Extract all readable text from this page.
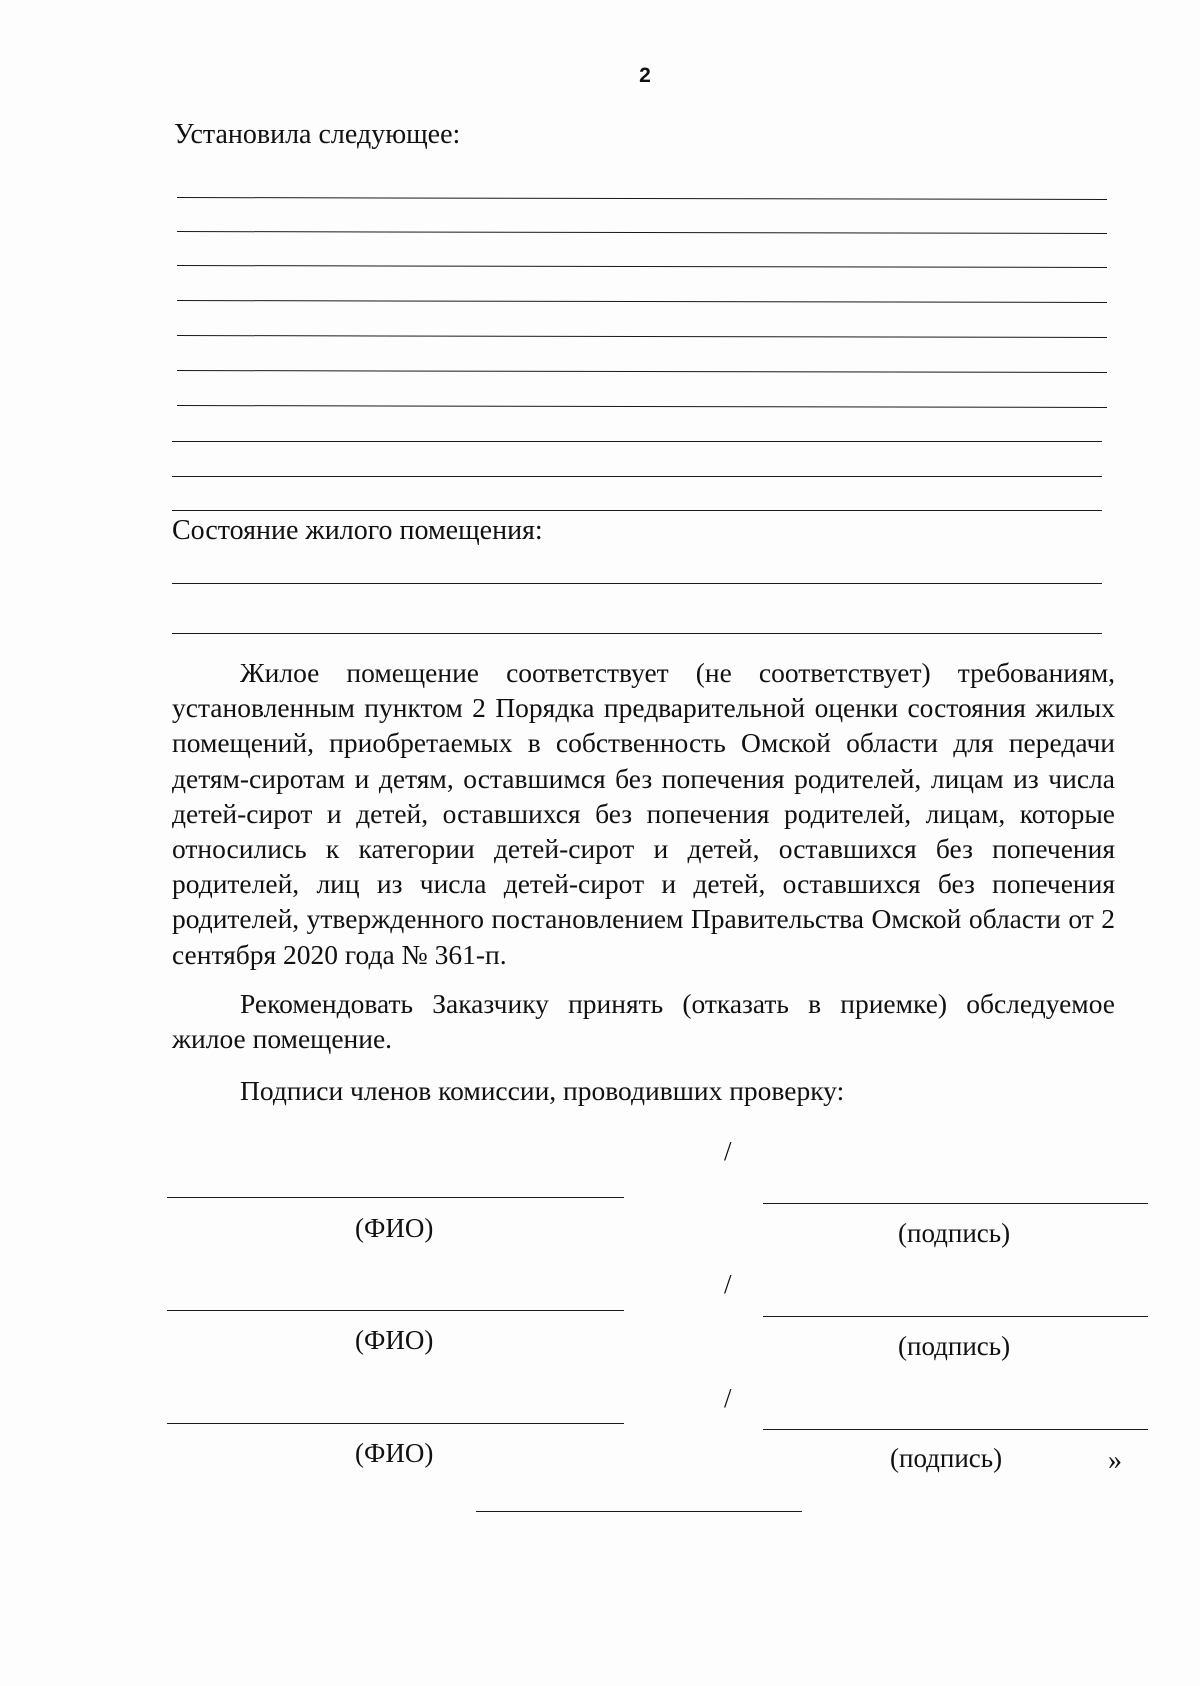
2
Установила следующее:
Состояние жилого помещения:

Жилое помещение соответствует (не соответствует) требованиям, установленным пунктом 2 Порядка предварительной оценки состояния жилых помещений, приобретаемых в собственность Омской области для передачи детям-сиротам и детям, оставшимся без попечения родителей, лицам из числа детей-сирот и детей, оставшихся без попечения родителей, лицам, которые относились к категории детей-сирот и детей, оставшихся без попечения родителей, лиц из числа детей-сирот и детей, оставшихся без попечения родителей, утвержденного постановлением Правительства Омской области от 2 сентября 2020 года № 361-п.

Рекомендовать Заказчику принять (отказать в приемке) обследуемое жилое помещение.

Подписи членов комиссии, проводивших проверку:

/
(ФИО)	(подпись)
/
(ФИО)	(подпись)
/
(ФИО)	(подпись)	»
